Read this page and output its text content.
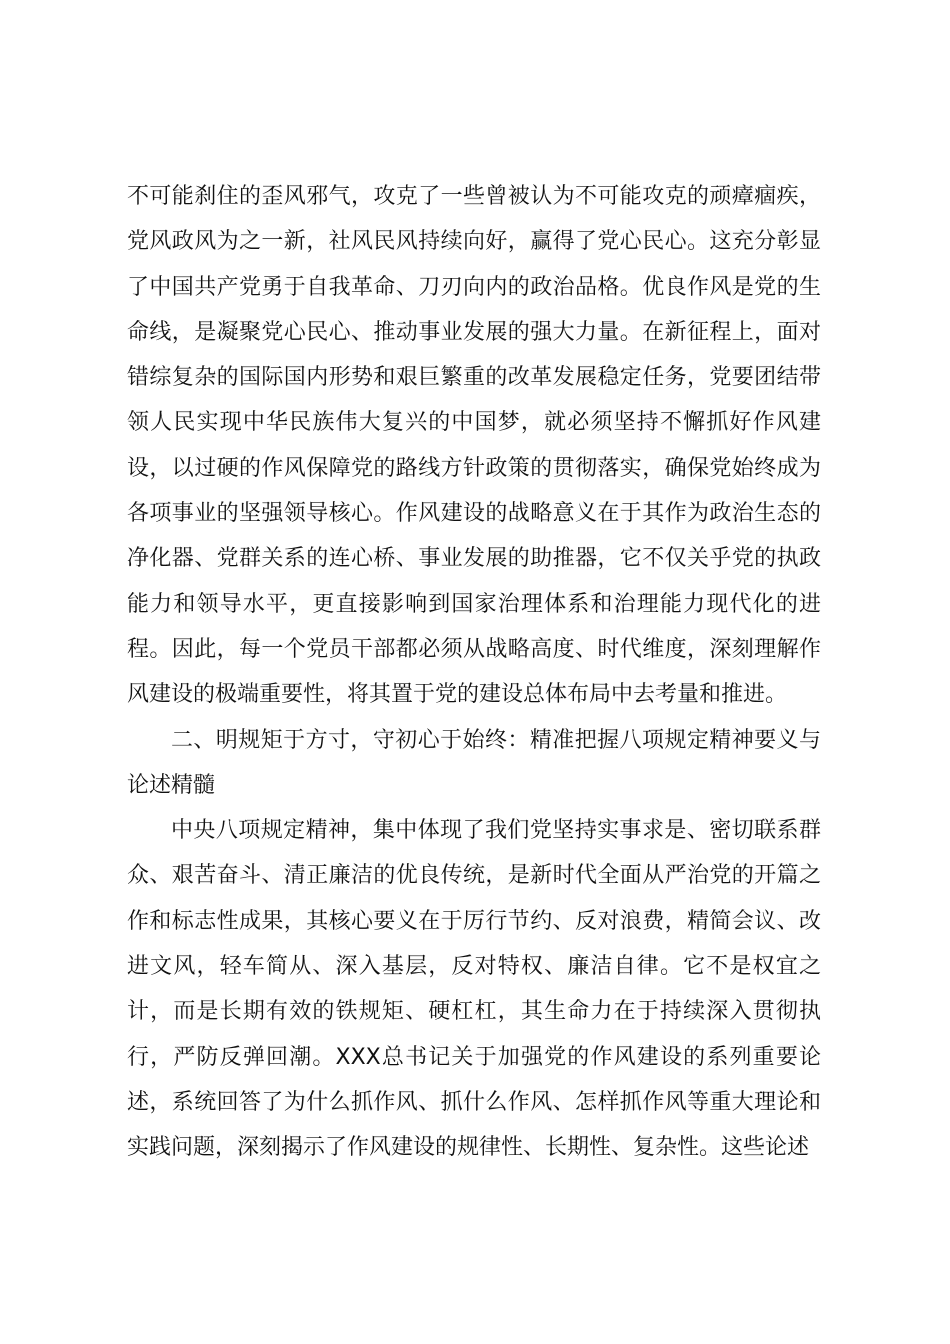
不可能刹住的歪风邪气，攻克了一些曾被认为不可能攻克的顽瘴痼疾，党风政风为之一新，社风民风持续向好，赢得了党心民心。这充分彰显了中国共产党勇于自我革命、刀刃向内的政治品格。优良作风是党的生命线，是凝聚党心民心、推动事业发展的强大力量。在新征程上，面对错综复杂的国际国内形势和艰巨繁重的改革发展稳定任务，党要团结带领人民实现中华民族伟大复兴的中国梦，就必须坚持不懈抓好作风建设，以过硬的作风保障党的路线方针政策的贯彻落实，确保党始终成为各项事业的坚强领导核心。作风建设的战略意义在于其作为政治生态的净化器、党群关系的连心桥、事业发展的助推器，它不仅关乎党的执政能力和领导水平，更直接影响到国家治理体系和治理能力现代化的进程。因此，每一个党员干部都必须从战略高度、时代维度，深刻理解作风建设的极端重要性，将其置于党的建设总体布局中去考量和推进。

二、明规矩于方寸，守初心于始终：精准把握八项规定精神要义与论述精髓

中央八项规定精神，集中体现了我们党坚持实事求是、密切联系群众、艰苦奋斗、清正廉洁的优良传统，是新时代全面从严治党的开篇之作和标志性成果，其核心要义在于厉行节约、反对浪费，精简会议、改进文风，轻车简从、深入基层，反对特权、廉洁自律。它不是权宜之计，而是长期有效的铁规矩、硬杠杠，其生命力在于持续深入贯彻执行，严防反弹回潮。XXX总书记关于加强党的作风建设的系列重要论述，系统回答了为什么抓作风、抓什么作风、怎样抓作风等重大理论和实践问题，深刻揭示了作风建设的规律性、长期性、复杂性。这些论述
